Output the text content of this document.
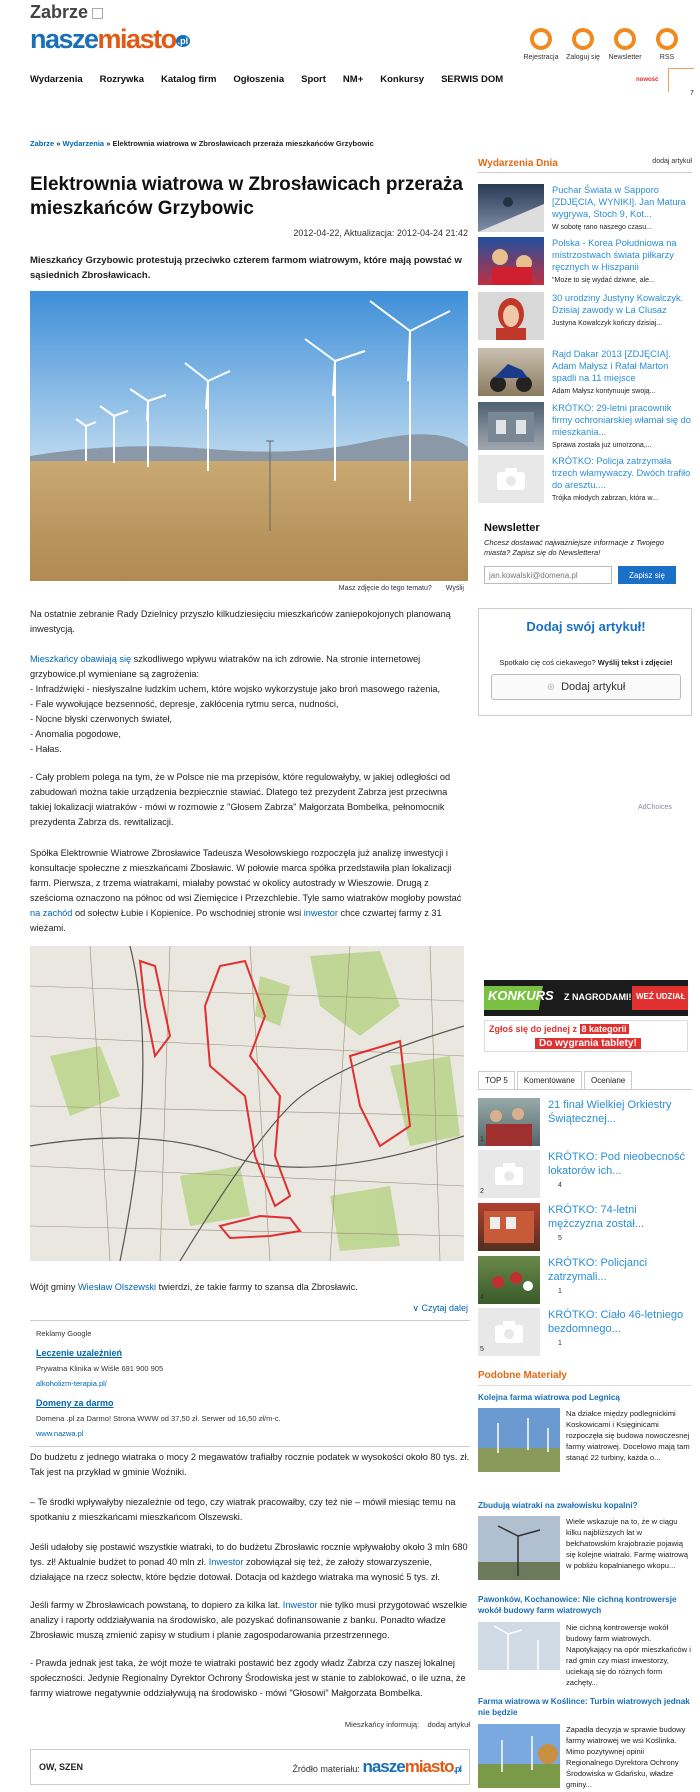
Zabrze
naszemiasto .pl
Rejestracja	Zaloguj się	Newsletter	RSS
Wydarzenia Rozrywka Katalog firm Ogłoszenia Sport NM+ Konkursy SERWIS DOM	nowość
7
Zabrze » Wydarzenia » Elektrownia wiatrowa w Zbrosławicach przeraża mieszkańców Grzybowic
Elektrownia wiatrowa w Zbrosławicach przeraża mieszkańców Grzybowic
2012-04-22, Aktualizacja: 2012-04-24 21:42
Mieszkańcy Grzybowic protestują przeciwko czterem farmom wiatrowym, które mają powstać w sąsiednich Zbrosławicach.
Masz zdjęcie do tego tematu? Wyślij
Na ostatnie zebranie Rady Dzielnicy przyszło kilkudziesięciu mieszkańców zaniepokojonych planowaną inwestycją.
Mieszkańcy obawiają się szkodliwego wpływu wiatraków na ich zdrowie. Na stronie internetowej grzybowice.pl wymieniane są zagrożenia:
- Infradźwięki - niesłyszalne ludzkim uchem, które wojsko wykorzystuje jako broń masowego rażenia,
- Fale wywołujące bezsenność, depresje, zakłócenia rytmu serca, nudności,
- Nocne błyski czerwonych świateł,
- Anomalia pogodowe,
- Hałas.
- Cały problem polega na tym, że w Polsce nie ma przepisów, które regulowałyby, w jakiej odległości od zabudowań można takie urządzenia bezpiecznie stawiać. Dlatego też prezydent Zabrza jest przeciwna takiej lokalizacji wiatraków - mówi w rozmowie z "Głosem Zabrza" Małgorzata Bombelka, pełnomocnik prezydenta Zabrza ds. rewitalizacji.
AdChoices
Spółka Elektrownie Wiatrowe Zbrosławice Tadeusza Wesołowskiego rozpoczęła już analizę inwestycji i konsultacje społeczne z mieszkańcami Zbosławic. W połowie marca spółka przedstawiła plan lokalizacji farm. Pierwsza, z trzema wiatrakami, miałaby powstać w okolicy autostrady w Wieszowie. Drugą z sześcioma oznaczono na północ od wsi Ziemięcice i Przezchlebie. Tyle samo wiatraków mogłoby powstać na zachód od sołectw Łubie i Kopienice. Po wschodniej stronie wsi inwestor chce czwartej farmy z 31 wieżami.
Wójt gminy Wiesław Olszewski twierdzi, że takie farmy to szansa dla Zbrosławic.
∨ Czytaj dalej
Reklamy Google
Leczenie uzależnień
Prywatna Klinika w Wiśle 691 900 905
alkoholizm-terapia.pl/
Domeny za darmo
Domena .pl za Darmo! Strona WWW od 37,50 zł. Serwer od 16,50 zł/m-c.
www.nazwa.pl
Do budżetu z jednego wiatraka o mocy 2 megawatów trafiałby rocznie podatek w wysokości około 80 tys. zł. Tak jest na przykład w gminie Woźniki.
– Te środki wpływałyby niezależnie od tego, czy wiatrak pracowałby, czy też nie – mówił miesiąc temu na spotkaniu z mieszkańcami mieszkańcom Olszewski.
Jeśli udałoby się postawić wszystkie wiatraki, to do budżetu Zbrosławic rocznie wpływałoby około 3 mln 680 tys. zł! Aktualnie budżet to ponad 40 mln zł. Inwestor zobowiązał się też, że założy stowarzyszenie, działające na rzecz sołectw, które będzie dotował. Dotacja od każdego wiatraka ma wynosić 5 tys. zł.
Jeśli farmy w Zbrosławicach powstaną, to dopiero za kilka lat. Inwestor nie tylko musi przygotować wszelkie analizy i raporty oddziaływania na środowisko, ale pozyskać dofinansowanie z banku. Ponadto władze Zbrosławic muszą zmienić zapisy w studium i planie zagospodarowania przestrzennego.
- Prawda jednak jest taka, że wójt może te wiatraki postawić bez zgody władz Zabrza czy naszej lokalnej społeczności. Jedynie Regionalny Dyrektor Ochrony Środowiska jest w stanie to zablokować, o ile uzna, że farmy wiatrowe negatywnie oddziaływują na środowisko - mówi "Głosowi" Małgorzata Bombelka.
Mieszkańcy informują: dodaj artykuł
OW, SZEN	Źródło materiału: naszemiasto.pl
Wydarzenia Dnia	dodaj artykuł
Puchar Świata w Sapporo [ZDJĘCIA, WYNIKI]. Jan Matura wygrywa, Stoch 9, Kot...
W sobotę rano naszego czasu...
Polska - Korea Południowa na mistrzostwach świata piłkarzy ręcznych w Hiszpanii
"Może to się wydać dziwne, ale...
30 urodziny Justyny Kowalczyk. Dzisiaj zawody w La Clusaz
Justyna Kowalczyk kończy dzisiaj...
Rajd Dakar 2013 [ZDJĘCIA]. Adam Małysz i Rafał Marton spadli na 11 miejsce
Adam Małysz kontynuuje swoją...
KRÓTKO: 29-letni pracownik firmy ochroniarskiej włamał się do mieszkania...
Sprawa została już umorzona,...
KRÓTKO: Policja zatrzymała trzech włamywaczy. Dwóch trafiło do aresztu....
Trójka młodych zabrzan, która w...
Newsletter
Chcesz dostawać najważniejsze informacje z Twojego miasta? Zapisz się do Newslettera!
jan.kowalski@domena.pl
Zapisz się
Dodaj swój artykuł!
Spotkało cię coś ciekawego? Wyślij tekst i zdjęcie!
⊕ Dodaj artykuł
KONKURS Z NAGRODAMI! WEŹ UDZIAŁ
Zgłoś się do jednej z 8 kategorii
Do wygrania tablety!
TOP 5	Komentowane	Oceniane
1
21 finał Wielkiej Orkiestry Świątecznej...
2
KRÓTKO: Pod nieobecność lokatorów ich...
4
3
KRÓTKO: 74-letni mężczyzna został...
5
4
KRÓTKO: Policjanci zatrzymali...
1
5
KRÓTKO: Ciało 46-letniego bezdomnego...
1
Podobne Materiały
Kolejna farma wiatrowa pod Legnicą
Na działce między podlegnickimi Koskowicami i Księginicami rozpoczęła się budowa nowoczesnej farmy wiatrowej. Docelowo mają tam stanąć 22 turbiny, każda o...
Zbudują wiatraki na zwałowisku kopalni?
Wiele wskazuje na to, że w ciągu kilku najbliższych lat w bełchatowskim krajobrazie pojawią się kolejne wiatraki. Farmę wiatrową w pobliżu kopalnianego wkopu...
Pawonków, Kochanowice: Nie cichną kontrowersje wokół budowy farm wiatrowych
Nie cichną kontrowersje wokół budowy farm wiatrowych. Napotykający na opór mieszkańców i rad gmin czy miast inwestorzy, uciekają się do różnych form zachęty...
Farma wiatrowa w Koślince: Turbin wiatrowych jednak nie będzie
Zapadła decyzja w sprawie budowy farmy wiatrowej we wsi Koślinka. Mimo pozytywnej opinii Regionalnego Dyrektora Ochrony Środowiska w Gdańsku, władze gminy...
